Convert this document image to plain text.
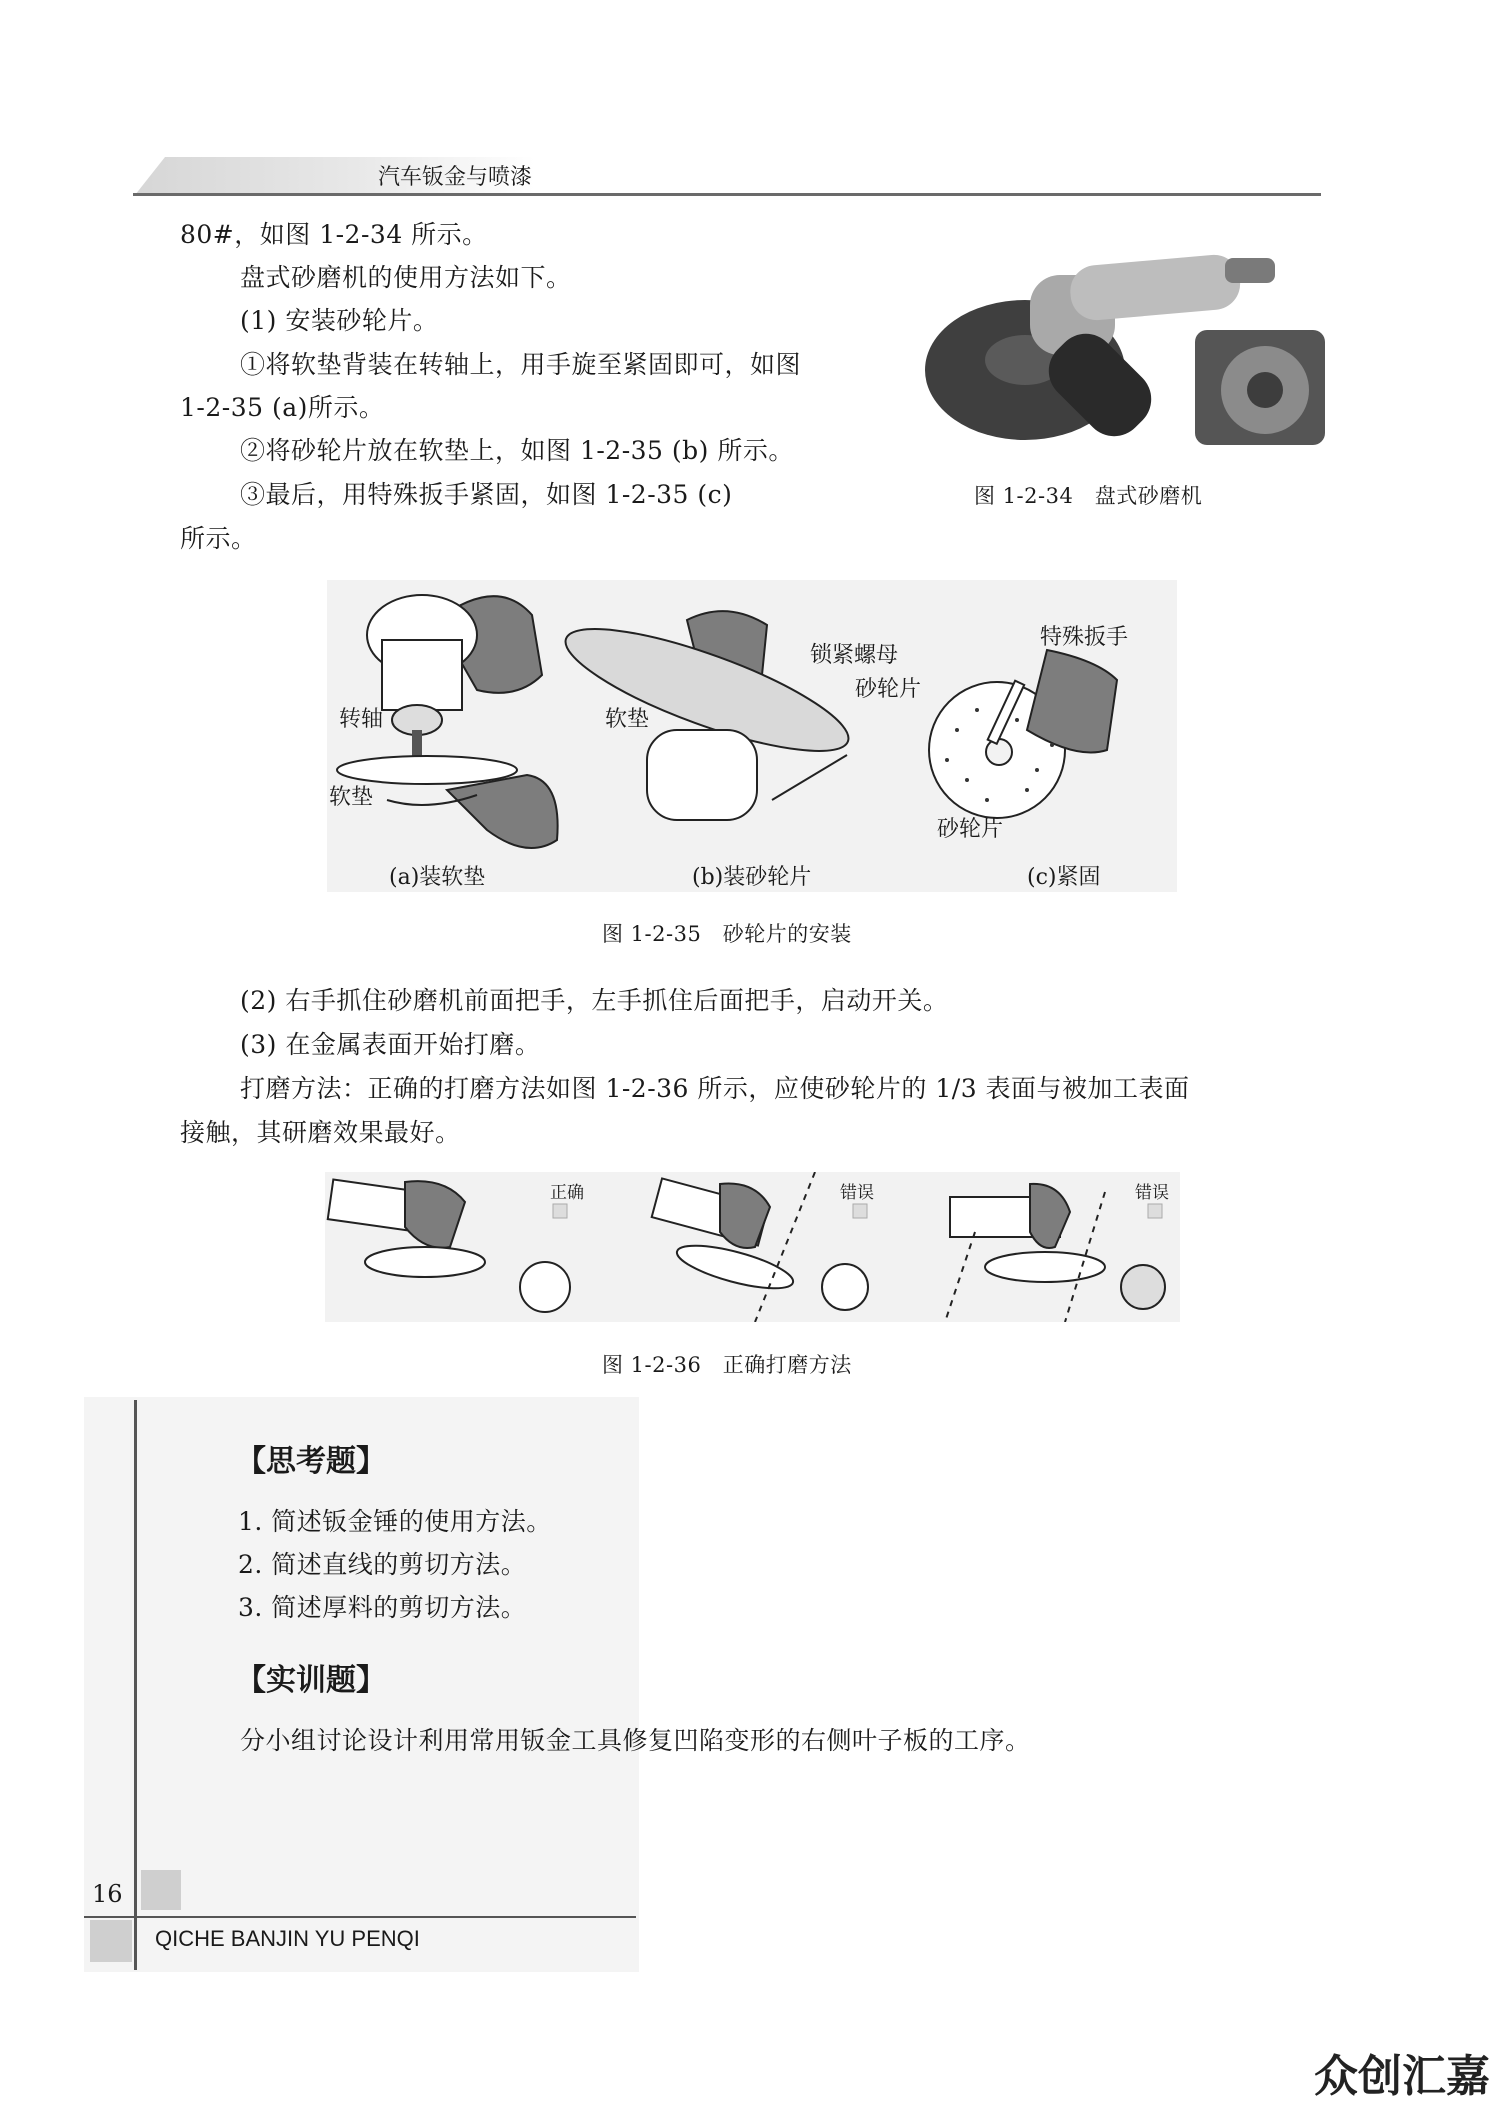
汽车钣金与喷漆
80#，如图 1-2-34 所示。
盘式砂磨机的使用方法如下。
(1) 安装砂轮片。
①将软垫背装在转轴上，用手旋至紧固即可，如图
1-2-35 (a)所示。
②将砂轮片放在软垫上，如图 1-2-35 (b) 所示。
③最后，用特殊扳手紧固，如图 1-2-35 (c)
所示。
图 1-2-34　盘式砂磨机
转轴
软垫
软垫
锁紧螺母
砂轮片
特殊扳手
砂轮片
(a)装软垫	(b)装砂轮片	(c)紧固
图 1-2-35　砂轮片的安装
(2) 右手抓住砂磨机前面把手，左手抓住后面把手，启动开关。
(3) 在金属表面开始打磨。
打磨方法：正确的打磨方法如图 1-2-36 所示，应使砂轮片的 1/3 表面与被加工表面
接触，其研磨效果最好。
正确	错误	错误
图 1-2-36　正确打磨方法
【思考题】
1. 简述钣金锤的使用方法。
2. 简述直线的剪切方法。
3. 简述厚料的剪切方法。
【实训题】
分小组讨论设计利用常用钣金工具修复凹陷变形的右侧叶子板的工序。
16
QICHE BANJIN YU PENQI
众创汇嘉
